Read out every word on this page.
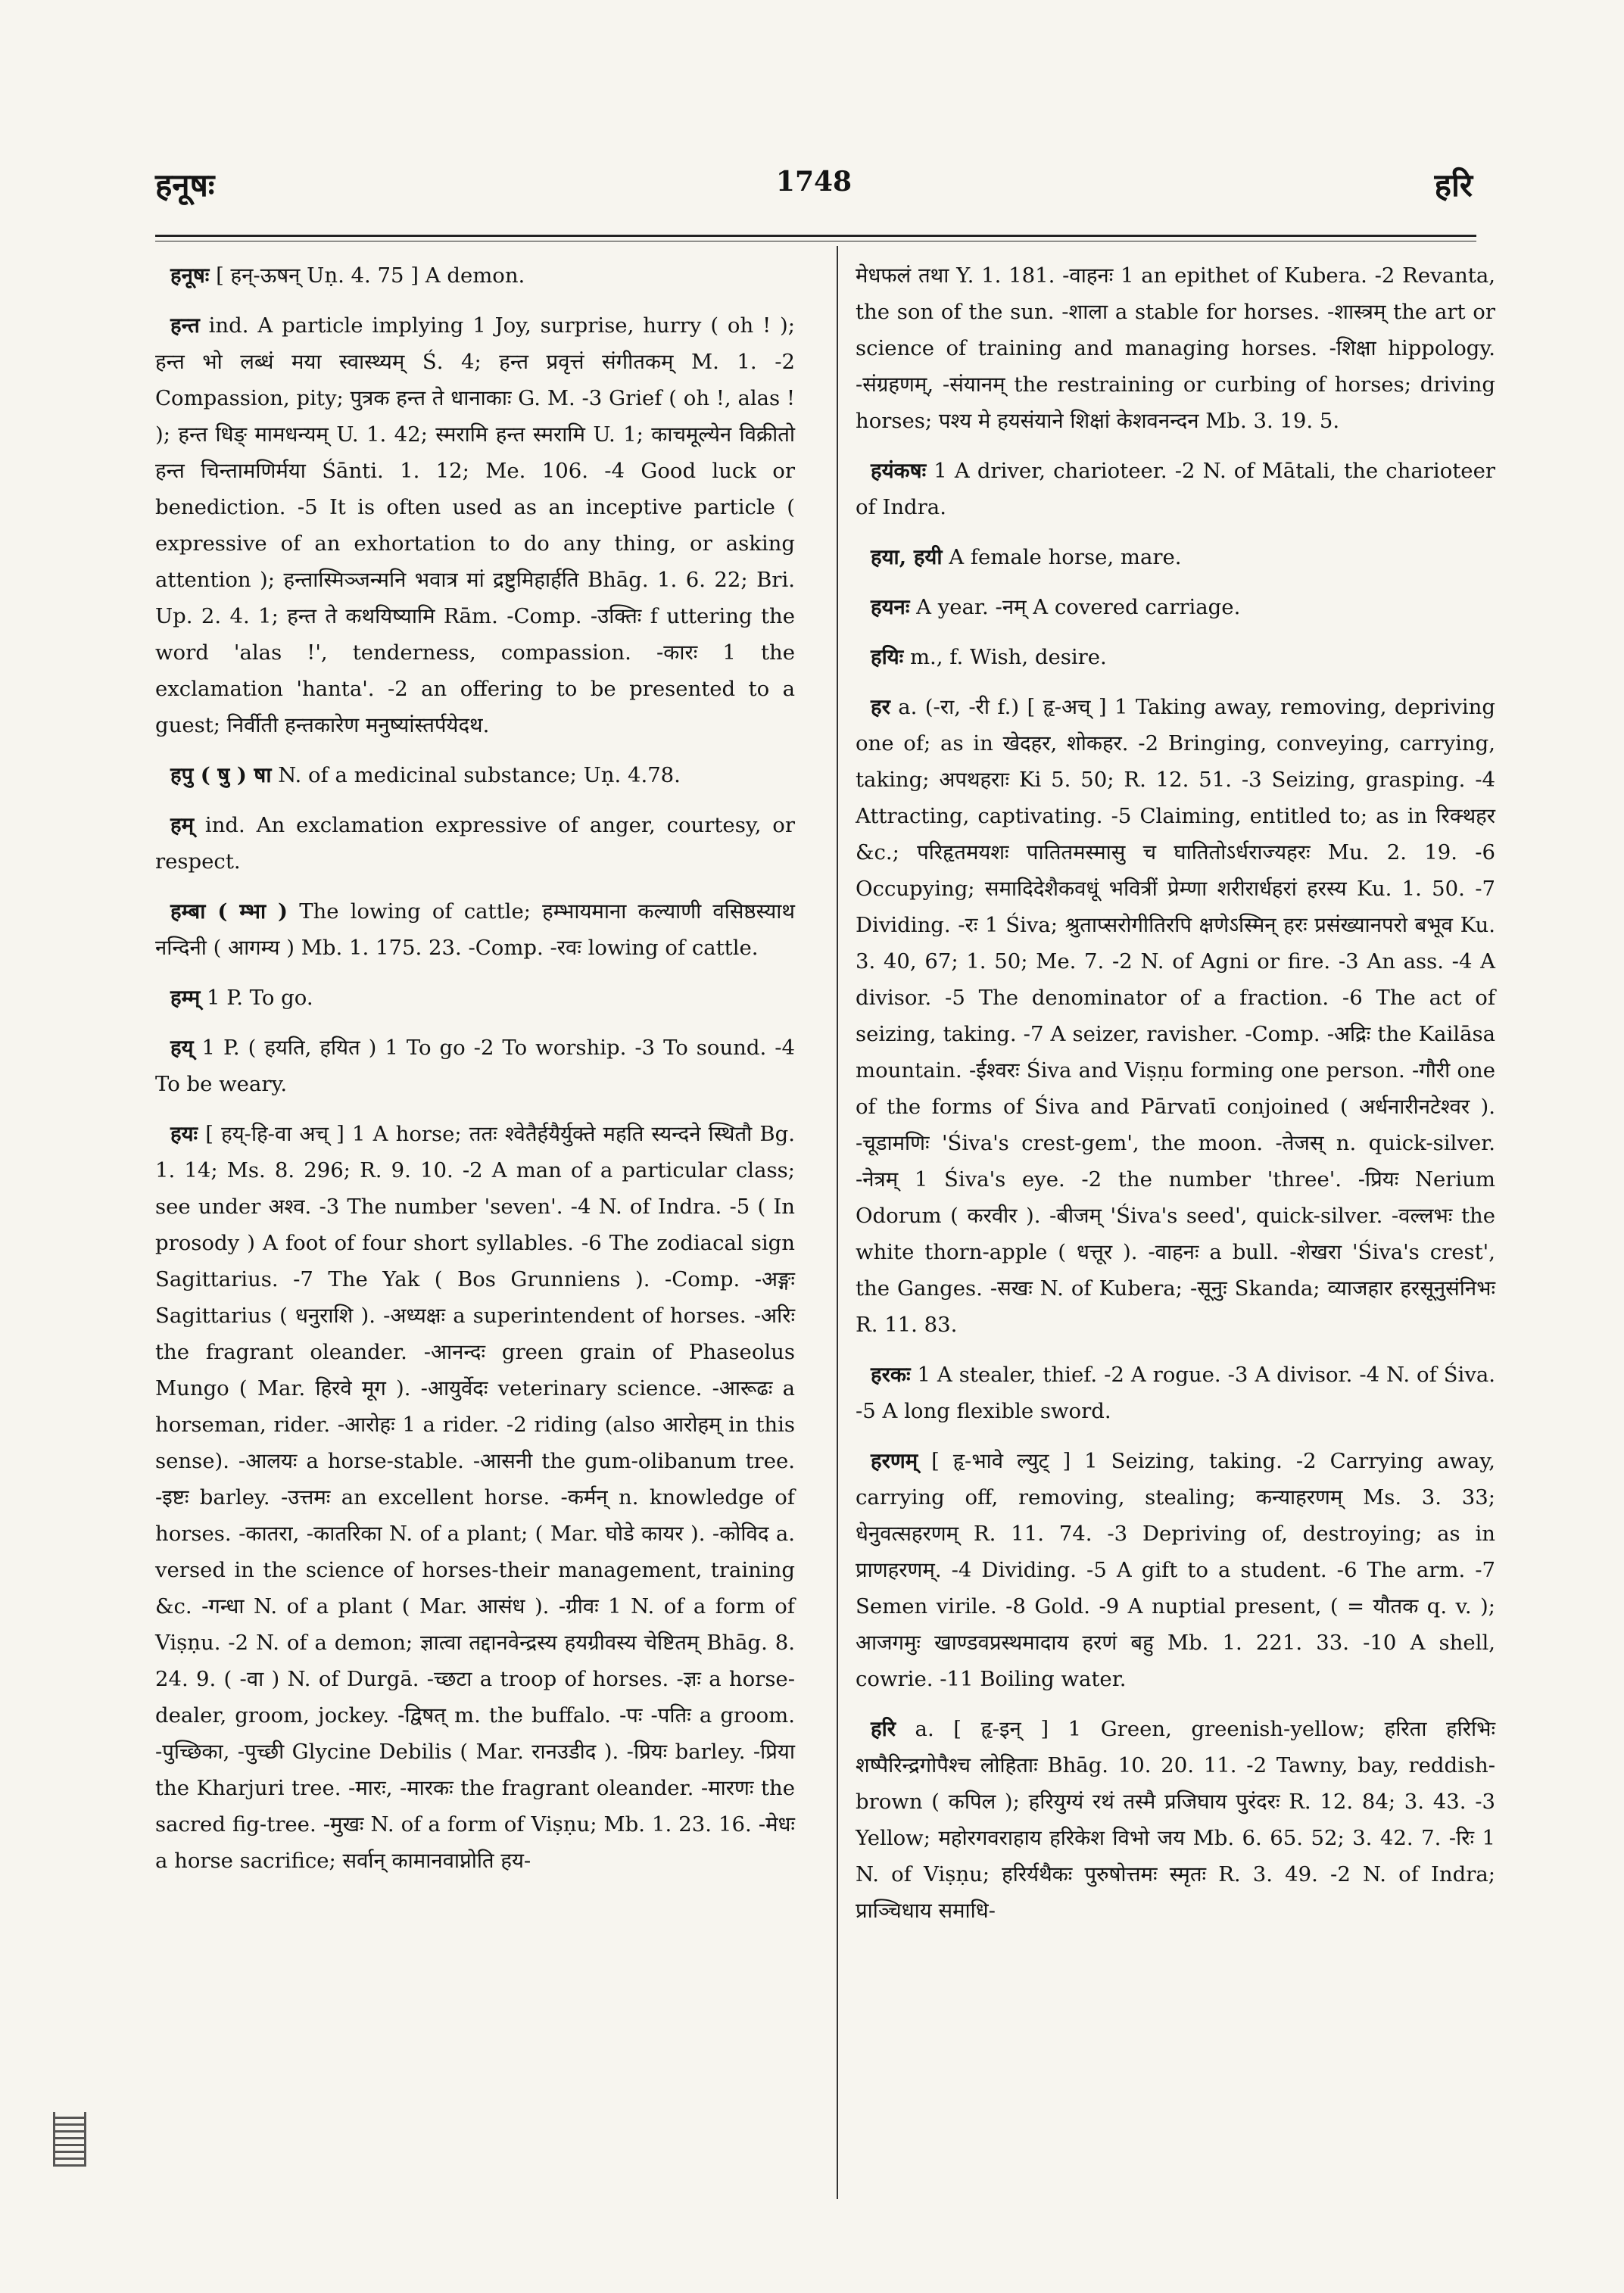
हनूषः	1748	हरि

हनूषः [ हन्-ऊषन् Uṇ. 4. 75 ] A demon.

हन्त ind. A particle implying 1 Joy, surprise, hurry ( oh ! ); हन्त भो लब्धं मया स्वास्थ्यम् Ś. 4; हन्त प्रवृत्तं संगीतकम् M. 1. -2 Compassion, pity; पुत्रक हन्त ते धानाकाः G. M. -3 Grief ( oh !, alas ! ); हन्त धिङ् मामधन्यम् U. 1. 42; स्मरामि हन्त स्मरामि U. 1; काचमूल्येन विक्रीतो हन्त चिन्तामणिर्मया Śānti. 1. 12; Me. 106. -4 Good luck or benediction. -5 It is often used as an inceptive particle ( expressive of an exhortation to do any thing, or asking attention ); हन्तास्मिञ्जन्मनि भवात्र मां द्रष्टुमिहार्हति Bhāg. 1. 6. 22; Bri. Up. 2. 4. 1; हन्त ते कथयिष्यामि Rām. -Comp. -उक्तिः f uttering the word 'alas !', tenderness, compassion. -कारः 1 the exclamation 'hanta'. -2 an offering to be presented to a guest; निर्वीती हन्तकारेण मनुष्यांस्तर्पयेदथ.

हपु ( षु ) षा N. of a medicinal substance; Uṇ. 4.78.

हम् ind. An exclamation expressive of anger, courtesy, or respect.

हम्बा ( म्भा ) The lowing of cattle; हम्भायमाना कल्याणी वसिष्ठस्याथ नन्दिनी ( आगम्य ) Mb. 1. 175. 23. -Comp. -रवः lowing of cattle.

हम्म् 1 P. To go.

हय् 1 P. ( हयति, हयित ) 1 To go -2 To worship. -3 To sound. -4 To be weary.

हयः [ हय्-हि-वा अच् ] 1 A horse; ततः श्वेतैर्हयैर्युक्ते महति स्यन्दने स्थितौ Bg. 1. 14; Ms. 8. 296; R. 9. 10. -2 A man of a particular class; see under अश्व. -3 The number 'seven'. -4 N. of Indra. -5 ( In prosody ) A foot of four short syllables. -6 The zodiacal sign Sagittarius. -7 The Yak ( Bos Grunniens ). -Comp. -अङ्गः Sagittarius ( धनुराशि ). -अध्यक्षः a superintendent of horses. -अरिः the fragrant oleander. -आनन्दः green grain of Phaseolus Mungo ( Mar. हिरवे मूग ). -आयुर्वेदः veterinary science. -आरूढः a horseman, rider. -आरोहः 1 a rider. -2 riding (also आरोहम् in this sense). -आलयः a horse-stable. -आसनी the gum-olibanum tree. -इष्टः barley. -उत्तमः an excellent horse. -कर्मन् n. knowledge of horses. -कातरा, -कातरिका N. of a plant; ( Mar. घोडे कायर ). -कोविद a. versed in the science of horses-their management, training &c. -गन्धा N. of a plant ( Mar. आसंध ). -ग्रीवः 1 N. of a form of Viṣṇu. -2 N. of a demon; ज्ञात्वा तद्दानवेन्द्रस्य हयग्रीवस्य चेष्टितम् Bhāg. 8. 24. 9. ( -वा ) N. of Durgā. -च्छटा a troop of horses. -ज्ञः a horse-dealer, groom, jockey. -द्विषत् m. the buffalo. -पः -पतिः a groom. -पुच्छिका, -पुच्छी Glycine Debilis ( Mar. रानउडीद ). -प्रियः barley. -प्रिया the Kharjuri tree. -मारः, -मारकः the fragrant oleander. -मारणः the sacred fig-tree. -मुखः N. of a form of Viṣṇu; Mb. 1. 23. 16. -मेधः a horse sacrifice; सर्वान् कामानवाप्नोति हय-

मेधफलं तथा Y. 1. 181. -वाहनः 1 an epithet of Kubera. -2 Revanta, the son of the sun. -शाला a stable for horses. -शास्त्रम् the art or science of training and managing horses. -शिक्षा hippology. -संग्रहणम्, -संयानम् the restraining or curbing of horses; driving horses; पश्य मे हयसंयाने शिक्षां केशवनन्दन Mb. 3. 19. 5.

हयंकषः 1 A driver, charioteer. -2 N. of Mātali, the charioteer of Indra.

हया, हयी A female horse, mare.

हयनः A year. -नम् A covered carriage.

हयिः m., f. Wish, desire.

हर a. (-रा, -री f.) [ हृ-अच् ] 1 Taking away, removing, depriving one of; as in खेदहर, शोकहर. -2 Bringing, conveying, carrying, taking; अपथहराः Ki 5. 50; R. 12. 51. -3 Seizing, grasping. -4 Attracting, captivating. -5 Claiming, entitled to; as in रिक्थहर &c.; परिहृतमयशः पातितमस्मासु च घातितोऽर्धराज्यहरः Mu. 2. 19. -6 Occupying; समादिदेशैकवधूं भवित्रीं प्रेम्णा शरीरार्धहरां हरस्य Ku. 1. 50. -7 Dividing. -रः 1 Śiva; श्रुताप्सरोगीतिरपि क्षणेऽस्मिन् हरः प्रसंख्यानपरो बभूव Ku. 3. 40, 67; 1. 50; Me. 7. -2 N. of Agni or fire. -3 An ass. -4 A divisor. -5 The denominator of a fraction. -6 The act of seizing, taking. -7 A seizer, ravisher. -Comp. -अद्रिः the Kailāsa mountain. -ईश्वरः Śiva and Viṣṇu forming one person. -गौरी one of the forms of Śiva and Pārvatī conjoined ( अर्धनारीनटेश्वर ). -चूडामणिः 'Śiva's crest-gem', the moon. -तेजस् n. quick-silver. -नेत्रम् 1 Śiva's eye. -2 the number 'three'. -प्रियः Nerium Odorum ( करवीर ). -बीजम् 'Śiva's seed', quick-silver. -वल्लभः the white thorn-apple ( धत्तूर ). -वाहनः a bull. -शेखरा 'Śiva's crest', the Ganges. -सखः N. of Kubera; -सूनुः Skanda; व्याजहार हरसूनुसंनिभः R. 11. 83.

हरकः 1 A stealer, thief. -2 A rogue. -3 A divisor. -4 N. of Śiva. -5 A long flexible sword.

हरणम् [ हृ-भावे ल्युट् ] 1 Seizing, taking. -2 Carrying away, carrying off, removing, stealing; कन्याहरणम् Ms. 3. 33; धेनुवत्सहरणम् R. 11. 74. -3 Depriving of, destroying; as in प्राणहरणम्. -4 Dividing. -5 A gift to a student. -6 The arm. -7 Semen virile. -8 Gold. -9 A nuptial present, ( = यौतक q. v. ); आजगमुः खाण्डवप्रस्थमादाय हरणं बहु Mb. 1. 221. 33. -10 A shell, cowrie. -11 Boiling water.

हरि a. [ हृ-इन् ] 1 Green, greenish-yellow; हरिता हरिभिः शष्पैरिन्द्रगोपैश्च लोहिताः Bhāg. 10. 20. 11. -2 Tawny, bay, reddish-brown ( कपिल ); हरियुग्यं रथं तस्मै प्रजिघाय पुरंदरः R. 12. 84; 3. 43. -3 Yellow; महोरगवराहाय हरिकेश विभो जय Mb. 6. 65. 52; 3. 42. 7. -रिः 1 N. of Viṣṇu; हरिर्यथैकः पुरुषोत्तमः स्मृतः R. 3. 49. -2 N. of Indra; प्राञ्चिधाय समाधि-
